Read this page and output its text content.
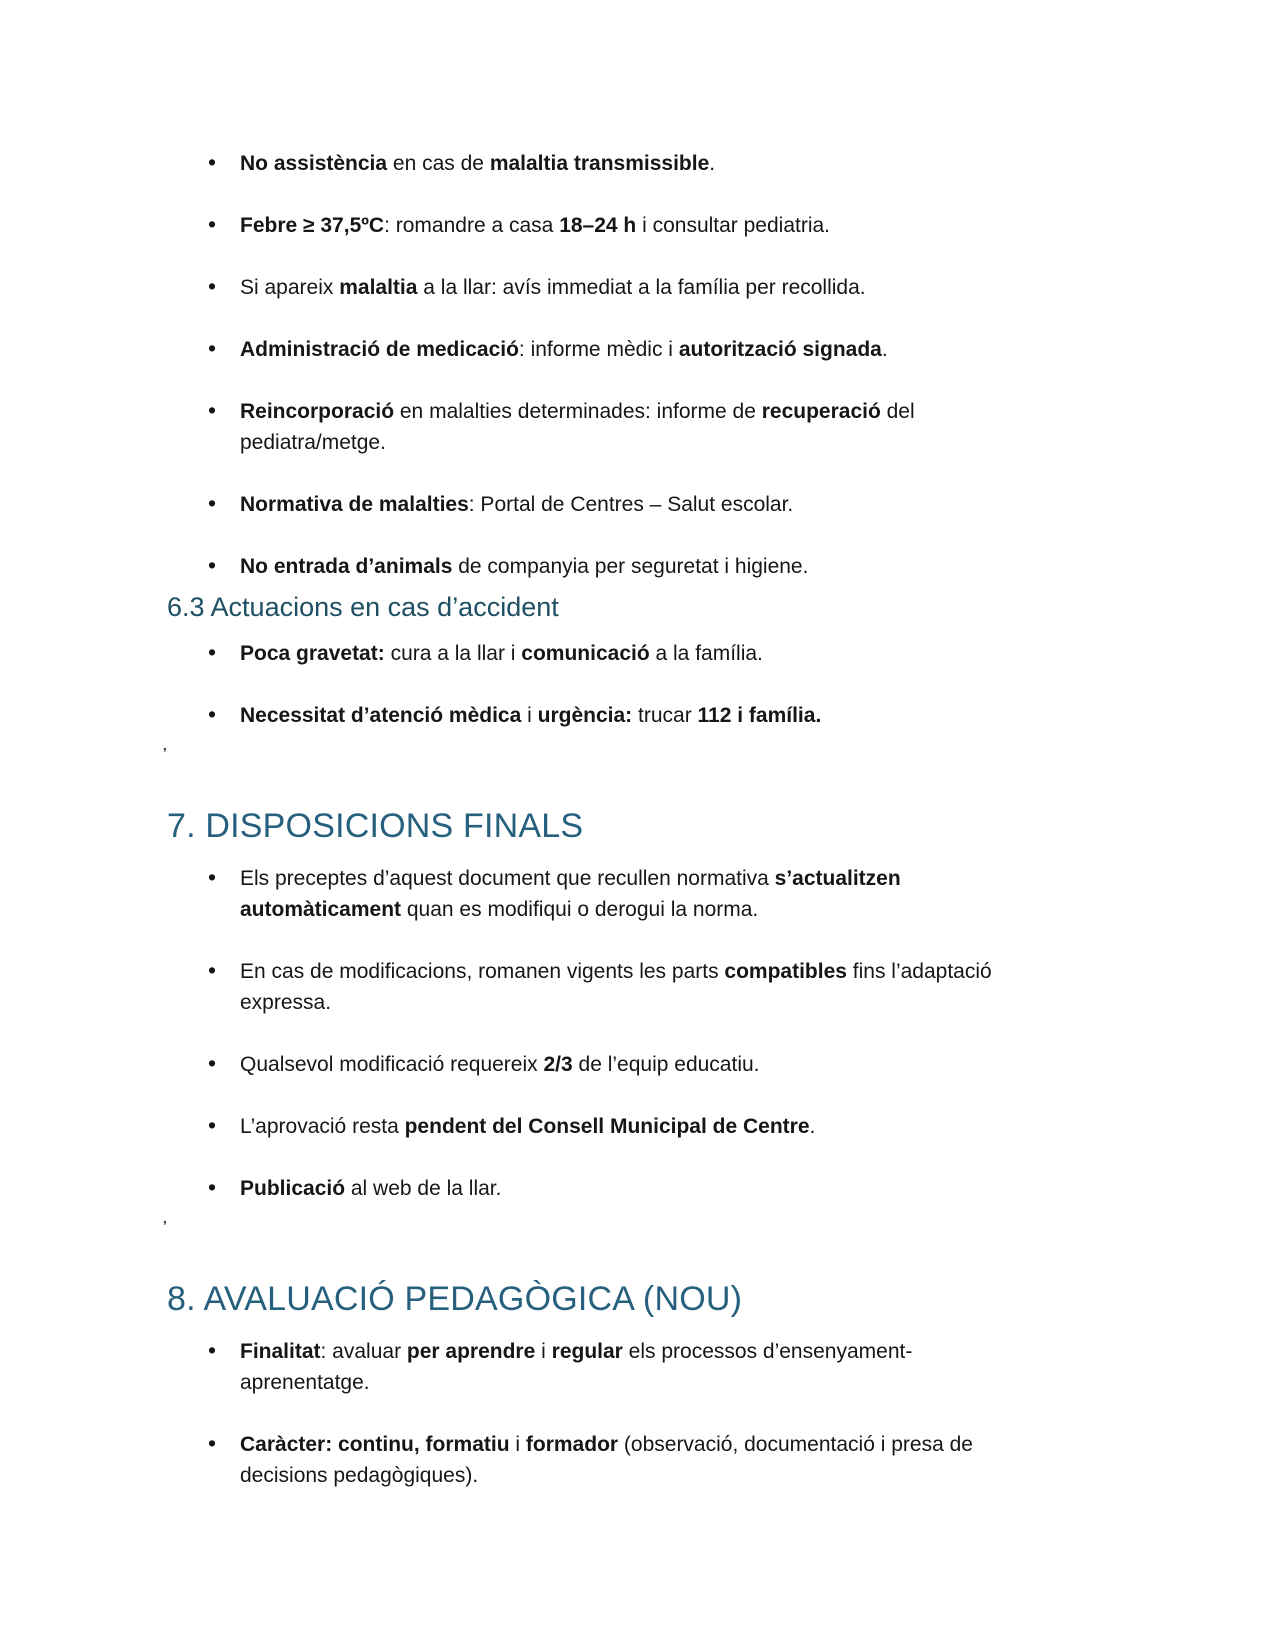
• No assistència en cas de malaltia transmissible.
• Febre ≥ 37,5ºC: romandre a casa 18–24 h i consultar pediatria.
• Si apareix malaltia a la llar: avís immediat a la família per recollida.
• Administració de medicació: informe mèdic i autorització signada.
• Reincorporació en malalties determinades: informe de recuperació del
pediatra/metge.
• Normativa de malalties: Portal de Centres – Salut escolar.
• No entrada d’animals de companyia per seguretat i higiene.
6.3 Actuacions en cas d’accident
• Poca gravetat: cura a la llar i comunicació a la família.
• Necessitat d’atenció mèdica i urgència: trucar 112 i família.
’
7. DISPOSICIONS FINALS
• Els preceptes d’aquest document que recullen normativa s’actualitzen
automàticament quan es modifiqui o derogui la norma.
• En cas de modificacions, romanen vigents les parts compatibles fins l’adaptació
expressa.
• Qualsevol modificació requereix 2/3 de l’equip educatiu.
• L’aprovació resta pendent del Consell Municipal de Centre.
• Publicació al web de la llar.
’
8. AVALUACIÓ PEDAGÒGICA (NOU)
• Finalitat: avaluar per aprendre i regular els processos d’ensenyament-
aprenentatge.
• Caràcter: continu, formatiu i formador (observació, documentació i presa de
decisions pedagògiques).
